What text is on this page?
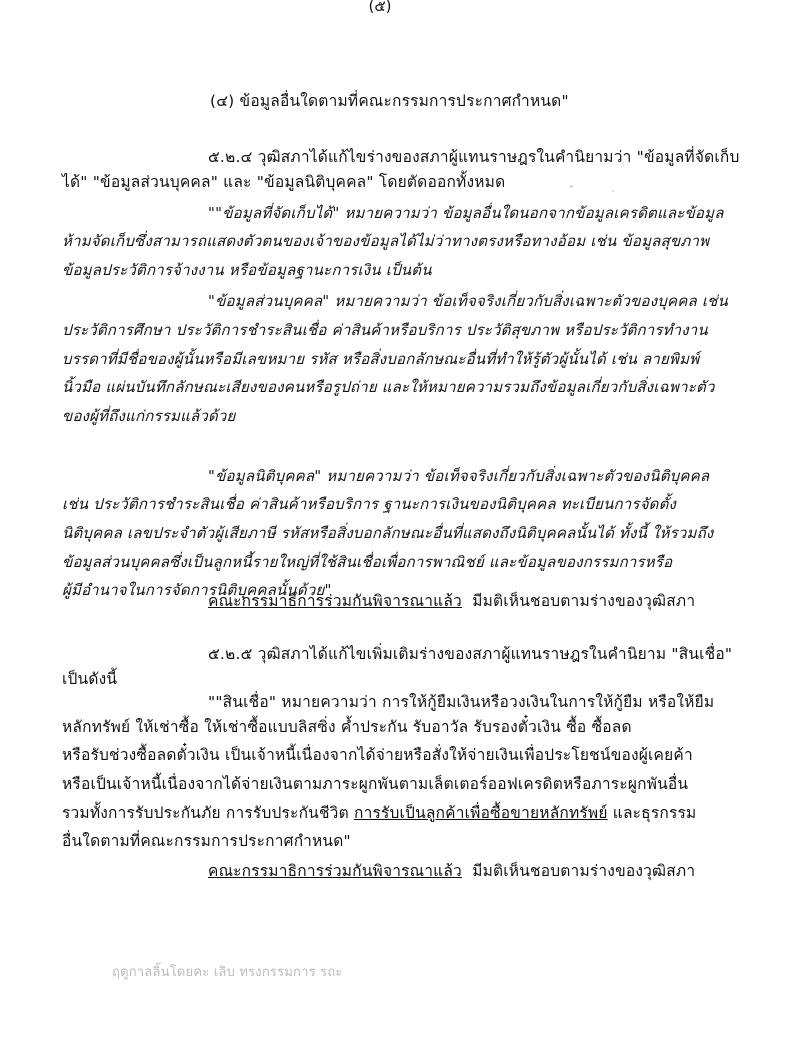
(๕)
(๔) ข้อมูลอื่นใดตามที่คณะกรรมการประกาศกำหนด"
๕.๒.๔ วุฒิสภาได้แก้ไขร่างของสภาผู้แทนราษฎรในคำนิยามว่า "ข้อมูลที่จัดเก็บ
ได้" "ข้อมูลส่วนบุคคล" และ "ข้อมูลนิติบุคคล" โดยตัดออกทั้งหมด
""ข้อมูลที่จัดเก็บได้" หมายความว่า ข้อมูลอื่นใดนอกจากข้อมูลเครดิตและข้อมูล
ห้ามจัดเก็บซึ่งสามารถแสดงตัวตนของเจ้าของข้อมูลได้ไม่ว่าทางตรงหรือทางอ้อม เช่น ข้อมูลสุขภาพ
ข้อมูลประวัติการจ้างงาน หรือข้อมูลฐานะการเงิน เป็นต้น
"ข้อมูลส่วนบุคคล" หมายความว่า ข้อเท็จจริงเกี่ยวกับสิ่งเฉพาะตัวของบุคคล เช่น
ประวัติการศึกษา ประวัติการชำระสินเชื่อ ค่าสินค้าหรือบริการ ประวัติสุขภาพ หรือประวัติการทำงาน
บรรดาที่มีชื่อของผู้นั้นหรือมีเลขหมาย รหัส หรือสิ่งบอกลักษณะอื่นที่ทำให้รู้ตัวผู้นั้นได้ เช่น ลายพิมพ์
นิ้วมือ แผ่นบันทึกลักษณะเสียงของคนหรือรูปถ่าย และให้หมายความรวมถึงข้อมูลเกี่ยวกับสิ่งเฉพาะตัว
ของผู้ที่ถึงแก่กรรมแล้วด้วย
"ข้อมูลนิติบุคคล" หมายความว่า ข้อเท็จจริงเกี่ยวกับสิ่งเฉพาะตัวของนิติบุคคล
เช่น ประวัติการชำระสินเชื่อ ค่าสินค้าหรือบริการ ฐานะการเงินของนิติบุคคล ทะเบียนการจัดตั้ง
นิติบุคคล เลขประจำตัวผู้เสียภาษี รหัสหรือสิ่งบอกลักษณะอื่นที่แสดงถึงนิติบุคคลนั้นได้ ทั้งนี้ ให้รวมถึง
ข้อมูลส่วนบุคคลซึ่งเป็นลูกหนี้รายใหญ่ที่ใช้สินเชื่อเพื่อการพาณิชย์ และข้อมูลของกรรมการหรือ
ผู้มีอำนาจในการจัดการนิติบุคคลนั้นด้วย"
คณะกรรมาธิการร่วมกันพิจารณาแล้ว มีมติเห็นชอบตามร่างของวุฒิสภา
๕.๒.๕ วุฒิสภาได้แก้ไขเพิ่มเติมร่างของสภาผู้แทนราษฎรในคำนิยาม "สินเชื่อ"
เป็นดังนี้
""สินเชื่อ" หมายความว่า การให้กู้ยืมเงินหรือวงเงินในการให้กู้ยืม หรือให้ยืม
หลักทรัพย์ ให้เช่าซื้อ ให้เช่าซื้อแบบลิสซิ่ง ค้ำประกัน รับอาวัล รับรองตั๋วเงิน ซื้อ ซื้อลด
หรือรับช่วงซื้อลดตั๋วเงิน เป็นเจ้าหนี้เนื่องจากได้จ่ายหรือสั่งให้จ่ายเงินเพื่อประโยชน์ของผู้เคยค้า
หรือเป็นเจ้าหนี้เนื่องจากได้จ่ายเงินตามภาระผูกพันตามเล็ตเตอร์ออฟเครดิตหรือภาระผูกพันอื่น
รวมทั้งการรับประกันภัย การรับประกันชีวิต การรับเป็นลูกค้าเพื่อซื้อขายหลักทรัพย์ และธุรกรรม
อื่นใดตามที่คณะกรรมการประกาศกำหนด"
คณะกรรมาธิการร่วมกันพิจารณาแล้ว มีมติเห็นชอบตามร่างของวุฒิสภา
ฤดูกาลลิ้นโดยคะ เลิบ ทรงกรรมการ รถะ
